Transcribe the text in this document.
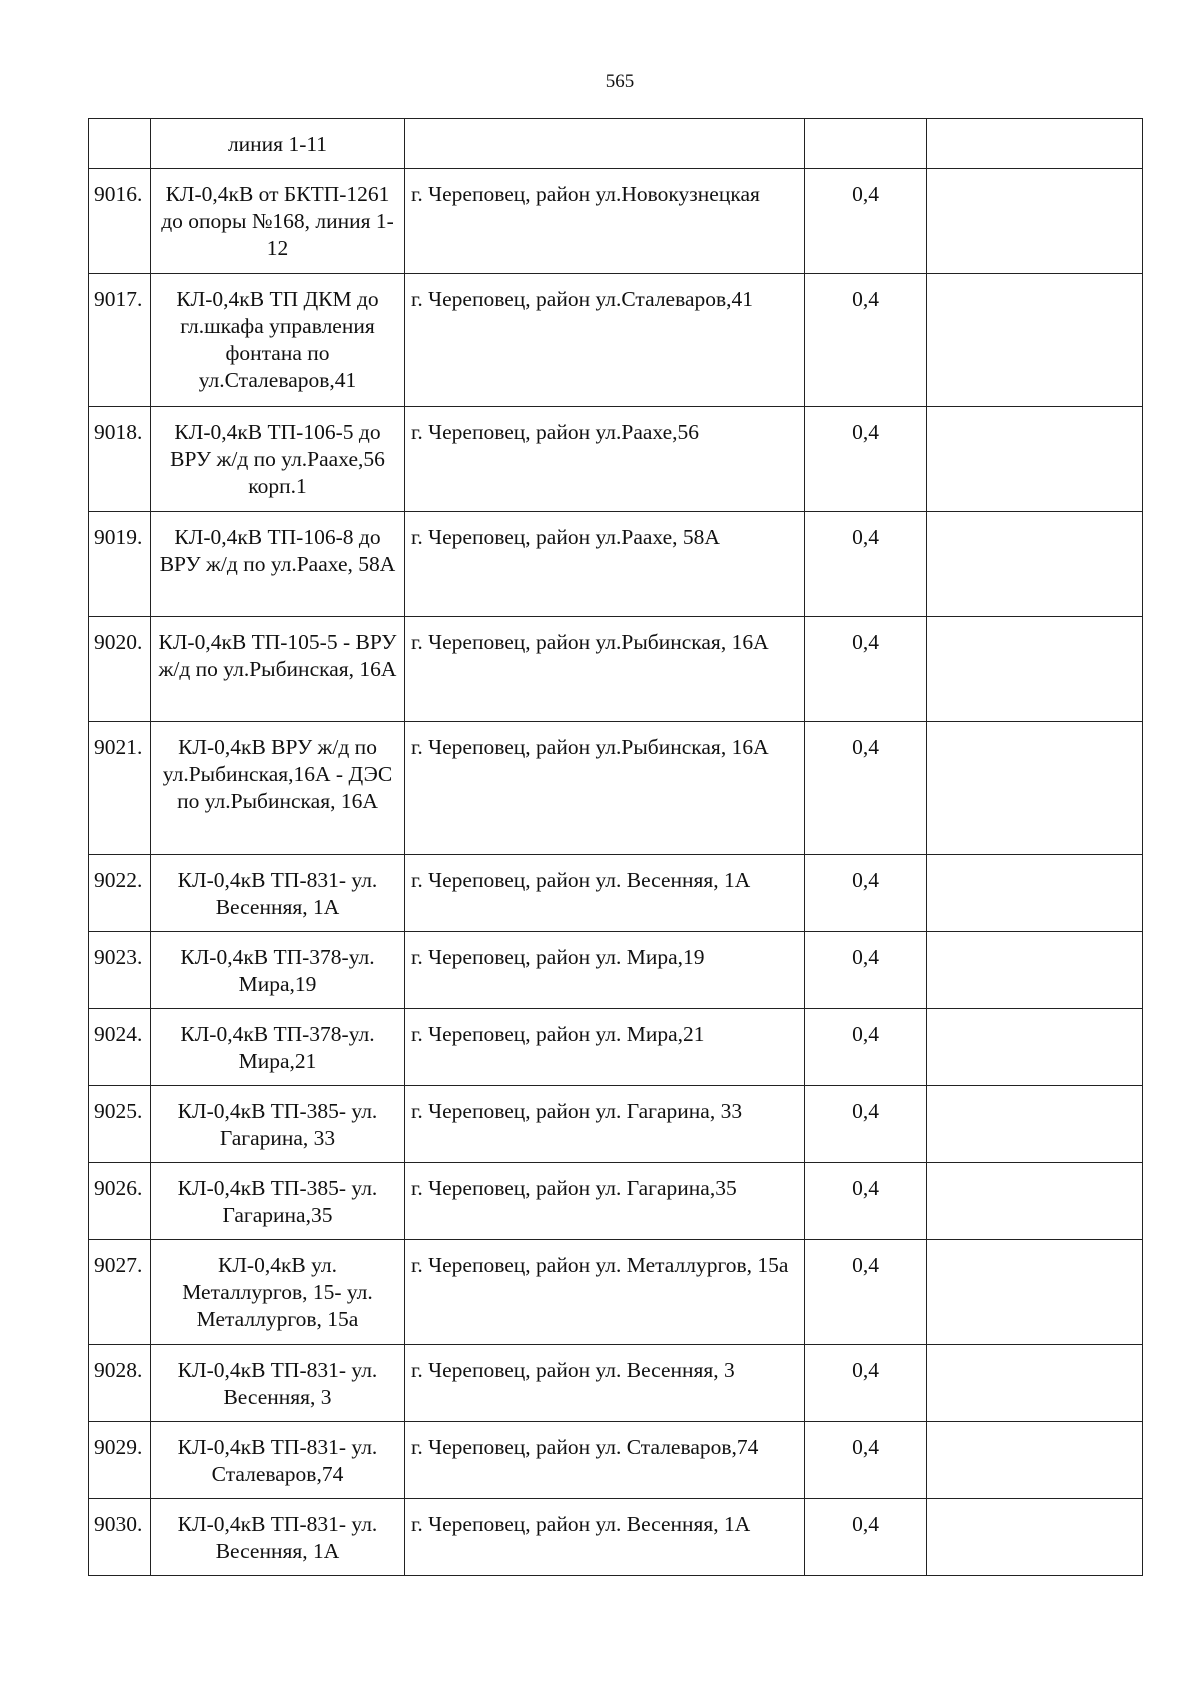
565
	линия 1-11			
9016.	КЛ-0,4кВ от БКТП-1261 до опоры №168, линия 1-12	г. Череповец, район ул.Новокузнецкая	0,4	
9017.	КЛ-0,4кВ ТП ДКМ до гл.шкафа управления фонтана по ул.Сталеваров,41	г. Череповец, район ул.Сталеваров,41	0,4	
9018.	КЛ-0,4кВ ТП-106-5 до ВРУ ж/д по ул.Раахе,56 корп.1	г. Череповец, район ул.Раахе,56	0,4	
9019.	КЛ-0,4кВ ТП-106-8 до ВРУ ж/д по ул.Раахе, 58А	г. Череповец, район ул.Раахе, 58А	0,4	
9020.	КЛ-0,4кВ ТП-105-5 - ВРУ ж/д по ул.Рыбинская, 16А	г. Череповец, район ул.Рыбинская, 16А	0,4	
9021.	КЛ-0,4кВ ВРУ ж/д по ул.Рыбинская,16А - ДЭС по ул.Рыбинская, 16А	г. Череповец, район ул.Рыбинская, 16А	0,4	
9022.	КЛ-0,4кВ ТП-831- ул. Весенняя, 1А	г. Череповец, район ул. Весенняя, 1А	0,4	
9023.	КЛ-0,4кВ ТП-378-ул. Мира,19	г. Череповец, район ул. Мира,19	0,4	
9024.	КЛ-0,4кВ ТП-378-ул. Мира,21	г. Череповец, район ул. Мира,21	0,4	
9025.	КЛ-0,4кВ ТП-385- ул. Гагарина, 33	г. Череповец, район ул. Гагарина, 33	0,4	
9026.	КЛ-0,4кВ ТП-385- ул. Гагарина,35	г. Череповец, район ул. Гагарина,35	0,4	
9027.	КЛ-0,4кВ ул. Металлургов, 15- ул. Металлургов, 15а	г. Череповец, район ул. Металлургов, 15а	0,4	
9028.	КЛ-0,4кВ ТП-831- ул. Весенняя, 3	г. Череповец, район ул. Весенняя, 3	0,4	
9029.	КЛ-0,4кВ ТП-831- ул. Сталеваров,74	г. Череповец, район ул. Сталеваров,74	0,4	
9030.	КЛ-0,4кВ ТП-831- ул. Весенняя, 1А	г. Череповец, район ул. Весенняя, 1А	0,4	
